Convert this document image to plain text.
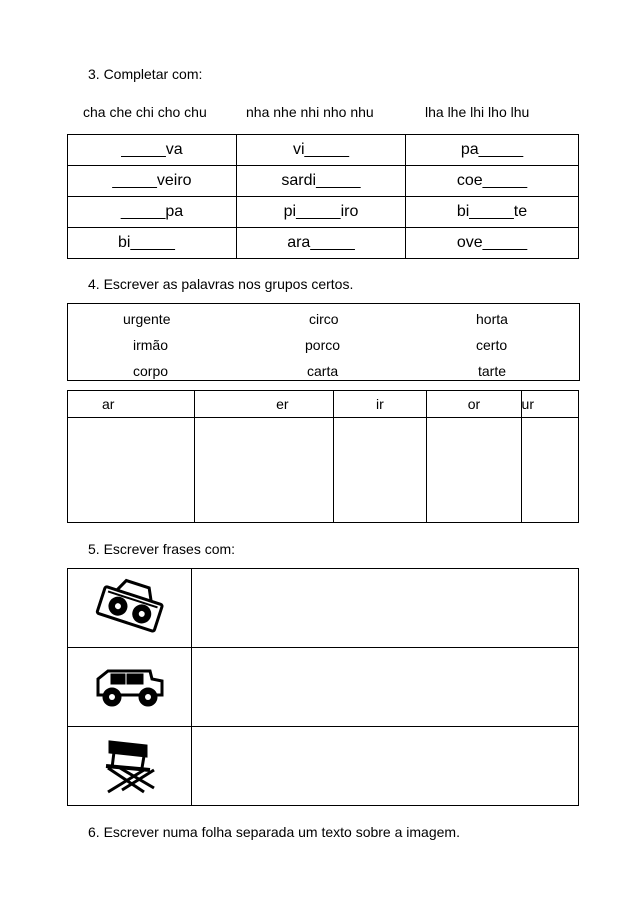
3. Completar com:
cha che chi cho chu	nha nhe nhi nho nhu	lha lhe lhi lho lhu
_____va	vi_____	pa_____
_____veiro	sardi_____	coe_____
_____pa	pi_____iro	bi_____te
bi_____	ara_____	ove_____
4. Escrever as palavras nos grupos certos.
urgente	circo	horta
irmão	porco	certo
corpo	carta	tarte
ar	er	ir	or	ur

5. Escrever frases com:

6. Escrever numa folha separada um texto sobre a imagem.
